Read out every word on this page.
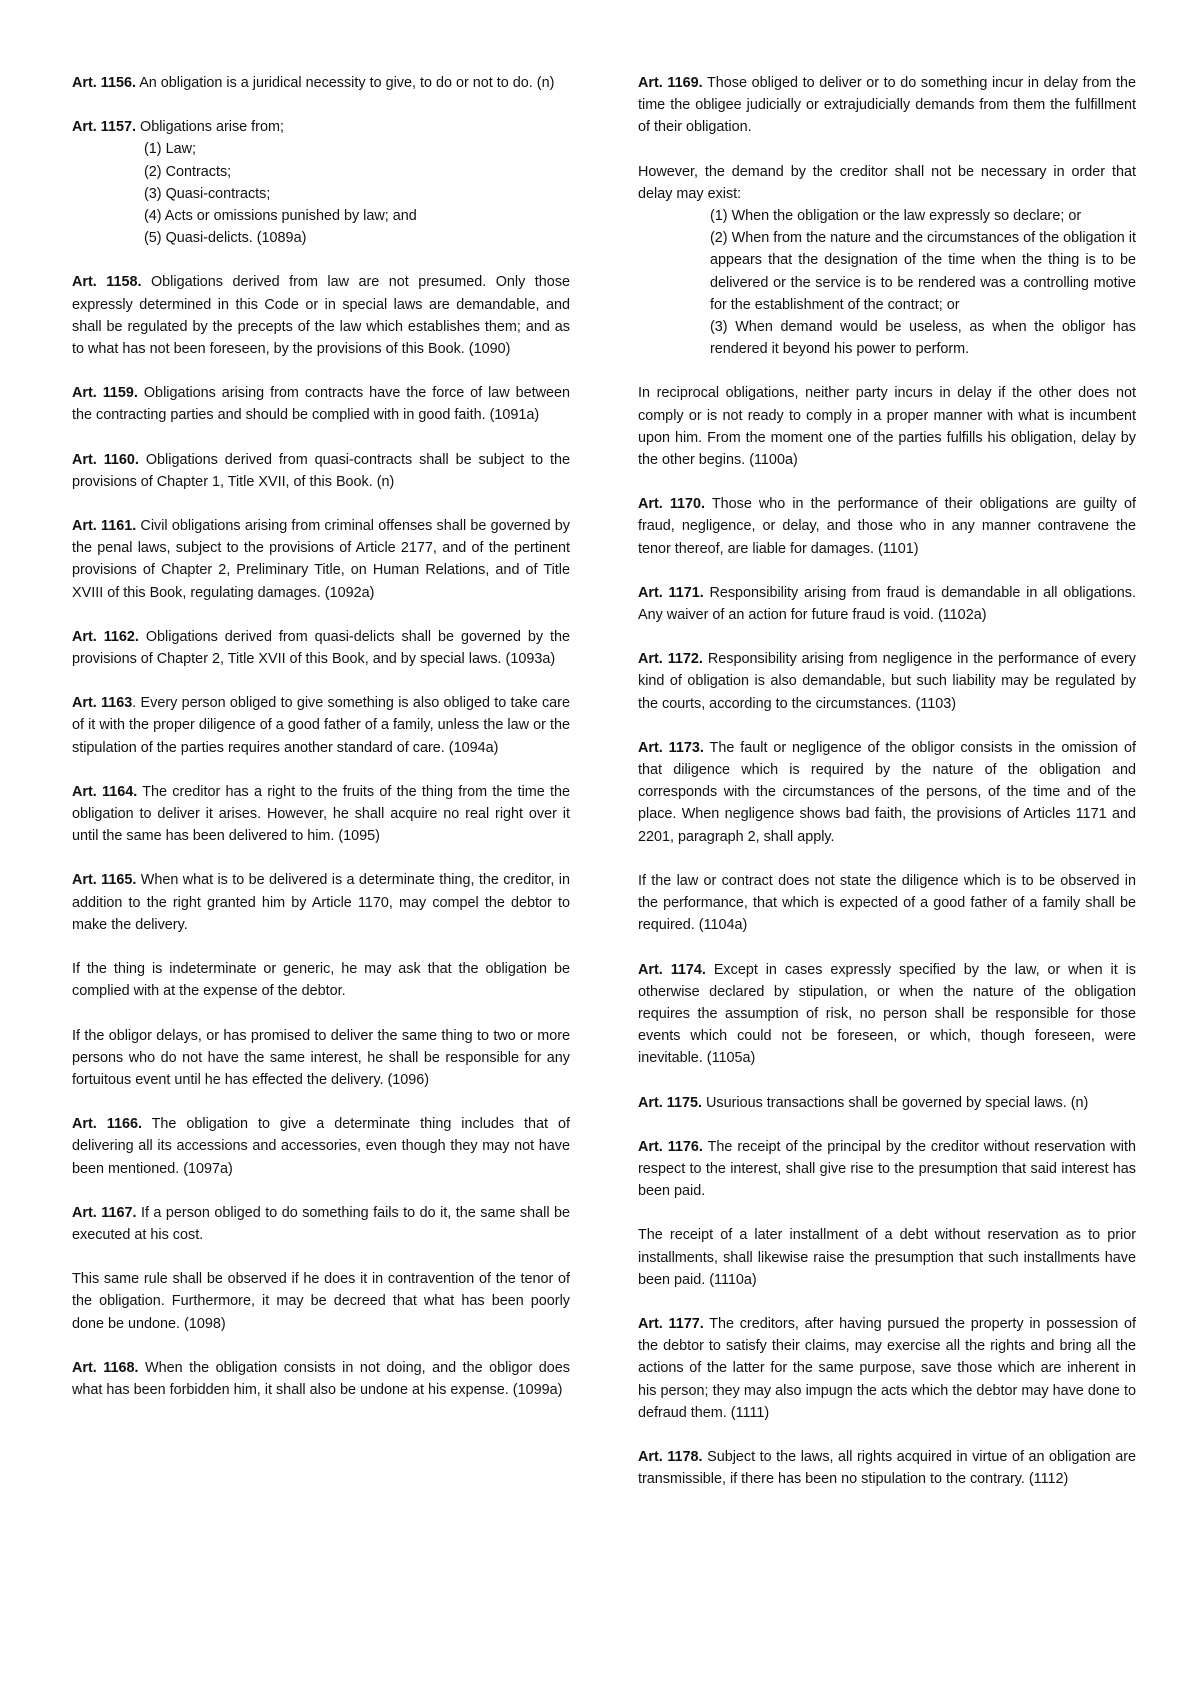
Art. 1156. An obligation is a juridical necessity to give, to do or not to do. (n)

Art. 1157. Obligations arise from;

(1) Law;
(2) Contracts;
(3) Quasi-contracts;
(4) Acts or omissions punished by law; and
(5) Quasi-delicts. (1089a)

Art. 1158. Obligations derived from law are not presumed. Only those expressly determined in this Code or in special laws are demandable, and shall be regulated by the precepts of the law which establishes them; and as to what has not been foreseen, by the provisions of this Book. (1090)

Art. 1159. Obligations arising from contracts have the force of law between the contracting parties and should be complied with in good faith. (1091a)

Art. 1160. Obligations derived from quasi-contracts shall be subject to the provisions of Chapter 1, Title XVII, of this Book. (n)

Art. 1161. Civil obligations arising from criminal offenses shall be governed by the penal laws, subject to the provisions of Article 2177, and of the pertinent provisions of Chapter 2, Preliminary Title, on Human Relations, and of Title XVIII of this Book, regulating damages. (1092a)

Art. 1162. Obligations derived from quasi-delicts shall be governed by the provisions of Chapter 2, Title XVII of this Book, and by special laws. (1093a)

Art. 1163. Every person obliged to give something is also obliged to take care of it with the proper diligence of a good father of a family, unless the law or the stipulation of the parties requires another standard of care. (1094a)

Art. 1164. The creditor has a right to the fruits of the thing from the time the obligation to deliver it arises. However, he shall acquire no real right over it until the same has been delivered to him. (1095)

Art. 1165. When what is to be delivered is a determinate thing, the creditor, in addition to the right granted him by Article 1170, may compel the debtor to make the delivery.

If the thing is indeterminate or generic, he may ask that the obligation be complied with at the expense of the debtor.

If the obligor delays, or has promised to deliver the same thing to two or more persons who do not have the same interest, he shall be responsible for any fortuitous event until he has effected the delivery. (1096)

Art. 1166. The obligation to give a determinate thing includes that of delivering all its accessions and accessories, even though they may not have been mentioned. (1097a)

Art. 1167. If a person obliged to do something fails to do it, the same shall be executed at his cost.

This same rule shall be observed if he does it in contravention of the tenor of the obligation. Furthermore, it may be decreed that what has been poorly done be undone. (1098)

Art. 1168. When the obligation consists in not doing, and the obligor does what has been forbidden him, it shall also be undone at his expense. (1099a)

Art. 1169. Those obliged to deliver or to do something incur in delay from the time the obligee judicially or extrajudicially demands from them the fulfillment of their obligation.

However, the demand by the creditor shall not be necessary in order that delay may exist:

(1) When the obligation or the law expressly so declare; or
(2) When from the nature and the circumstances of the obligation it appears that the designation of the time when the thing is to be delivered or the service is to be rendered was a controlling motive for the establishment of the contract; or
(3) When demand would be useless, as when the obligor has rendered it beyond his power to perform.

In reciprocal obligations, neither party incurs in delay if the other does not comply or is not ready to comply in a proper manner with what is incumbent upon him. From the moment one of the parties fulfills his obligation, delay by the other begins. (1100a)

Art. 1170. Those who in the performance of their obligations are guilty of fraud, negligence, or delay, and those who in any manner contravene the tenor thereof, are liable for damages. (1101)

Art. 1171. Responsibility arising from fraud is demandable in all obligations. Any waiver of an action for future fraud is void. (1102a)

Art. 1172. Responsibility arising from negligence in the performance of every kind of obligation is also demandable, but such liability may be regulated by the courts, according to the circumstances. (1103)

Art. 1173. The fault or negligence of the obligor consists in the omission of that diligence which is required by the nature of the obligation and corresponds with the circumstances of the persons, of the time and of the place. When negligence shows bad faith, the provisions of Articles 1171 and 2201, paragraph 2, shall apply.

If the law or contract does not state the diligence which is to be observed in the performance, that which is expected of a good father of a family shall be required. (1104a)

Art. 1174. Except in cases expressly specified by the law, or when it is otherwise declared by stipulation, or when the nature of the obligation requires the assumption of risk, no person shall be responsible for those events which could not be foreseen, or which, though foreseen, were inevitable. (1105a)

Art. 1175. Usurious transactions shall be governed by special laws. (n)

Art. 1176. The receipt of the principal by the creditor without reservation with respect to the interest, shall give rise to the presumption that said interest has been paid.

The receipt of a later installment of a debt without reservation as to prior installments, shall likewise raise the presumption that such installments have been paid. (1110a)

Art. 1177. The creditors, after having pursued the property in possession of the debtor to satisfy their claims, may exercise all the rights and bring all the actions of the latter for the same purpose, save those which are inherent in his person; they may also impugn the acts which the debtor may have done to defraud them. (1111)

Art. 1178. Subject to the laws, all rights acquired in virtue of an obligation are transmissible, if there has been no stipulation to the contrary. (1112)
